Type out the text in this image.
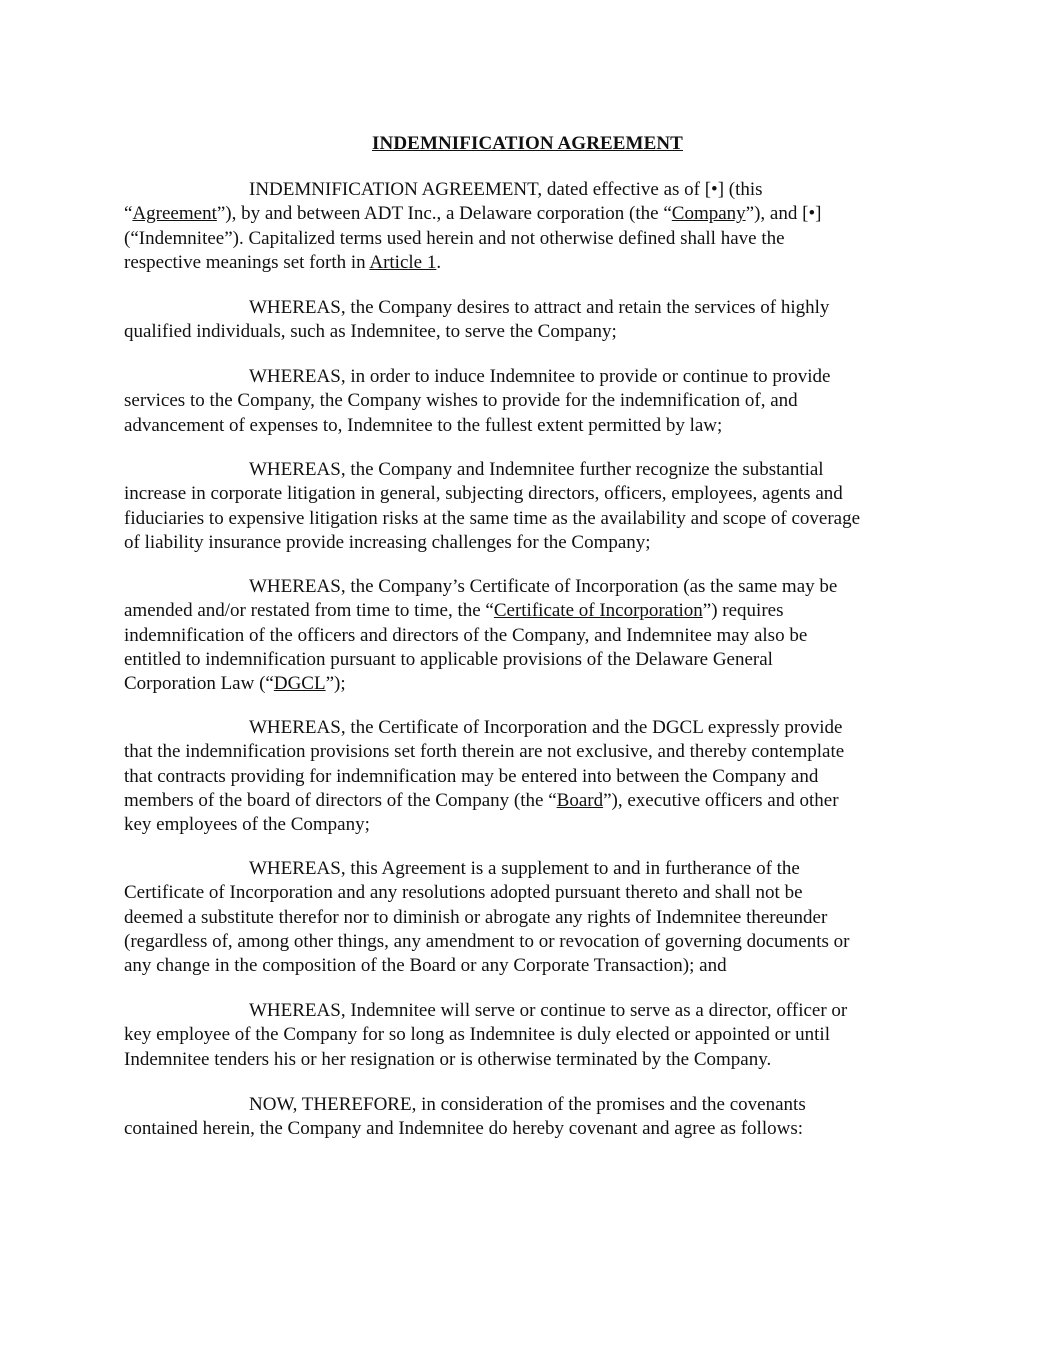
INDEMNIFICATION AGREEMENT

INDEMNIFICATION AGREEMENT, dated effective as of [•] (this
“Agreement”), by and between ADT Inc., a Delaware corporation (the “Company”), and [•]
(“Indemnitee”). Capitalized terms used herein and not otherwise defined shall have the
respective meanings set forth in Article 1.

WHEREAS, the Company desires to attract and retain the services of highly
qualified individuals, such as Indemnitee, to serve the Company;

WHEREAS, in order to induce Indemnitee to provide or continue to provide
services to the Company, the Company wishes to provide for the indemnification of, and
advancement of expenses to, Indemnitee to the fullest extent permitted by law;

WHEREAS, the Company and Indemnitee further recognize the substantial
increase in corporate litigation in general, subjecting directors, officers, employees, agents and
fiduciaries to expensive litigation risks at the same time as the availability and scope of coverage
of liability insurance provide increasing challenges for the Company;

WHEREAS, the Company’s Certificate of Incorporation (as the same may be
amended and/or restated from time to time, the “Certificate of Incorporation”) requires
indemnification of the officers and directors of the Company, and Indemnitee may also be
entitled to indemnification pursuant to applicable provisions of the Delaware General
Corporation Law (“DGCL”);

WHEREAS, the Certificate of Incorporation and the DGCL expressly provide
that the indemnification provisions set forth therein are not exclusive, and thereby contemplate
that contracts providing for indemnification may be entered into between the Company and
members of the board of directors of the Company (the “Board”), executive officers and other
key employees of the Company;

WHEREAS, this Agreement is a supplement to and in furtherance of the
Certificate of Incorporation and any resolutions adopted pursuant thereto and shall not be
deemed a substitute therefor nor to diminish or abrogate any rights of Indemnitee thereunder
(regardless of, among other things, any amendment to or revocation of governing documents or
any change in the composition of the Board or any Corporate Transaction); and

WHEREAS, Indemnitee will serve or continue to serve as a director, officer or
key employee of the Company for so long as Indemnitee is duly elected or appointed or until
Indemnitee tenders his or her resignation or is otherwise terminated by the Company.

NOW, THEREFORE, in consideration of the promises and the covenants
contained herein, the Company and Indemnitee do hereby covenant and agree as follows:
